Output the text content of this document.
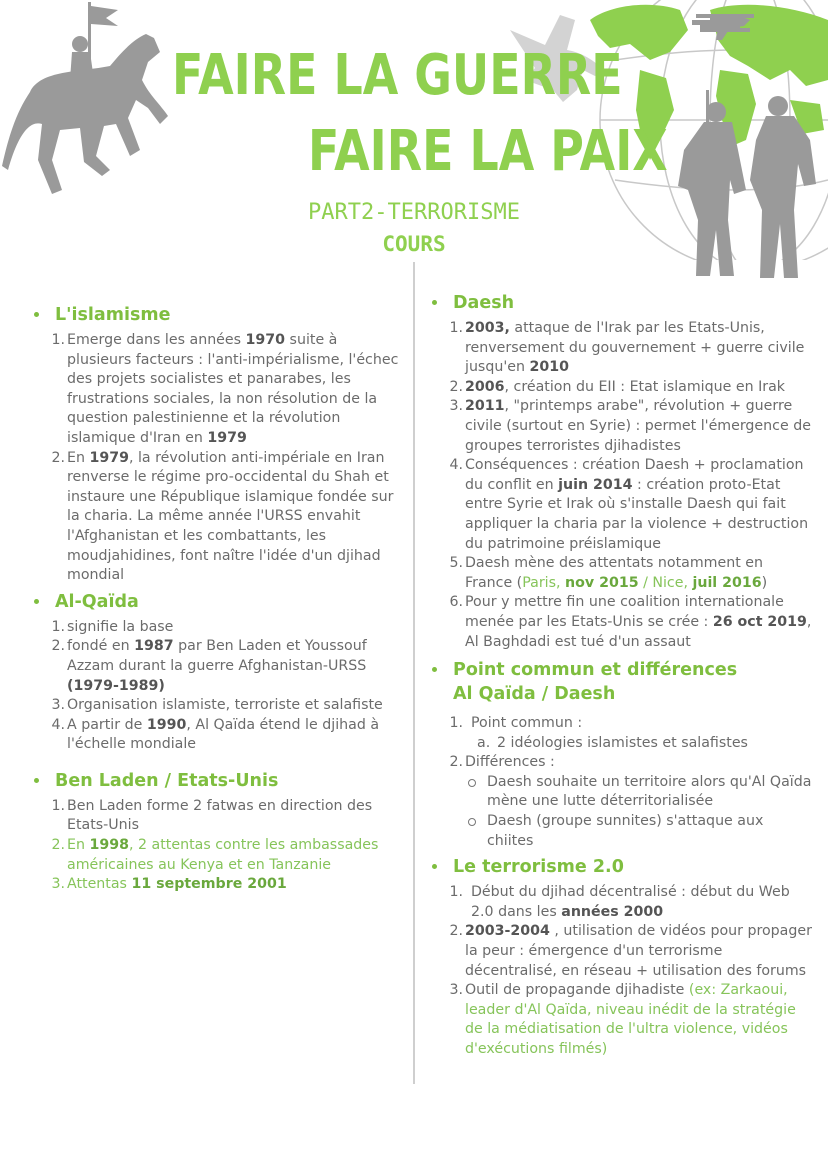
FAIRE LA GUERRE
FAIRE LA PAIX
PART2-TERRORISME
COURS
L'islamisme
1. Emerge dans les années 1970 suite à plusieurs facteurs : l'anti-impérialisme, l'échec des projets socialistes et panarabes, les frustrations sociales, la non résolution de la question palestinienne et la révolution islamique d'Iran en 1979
2. En 1979, la révolution anti-impériale en Iran renverse le régime pro-occidental du Shah et instaure une République islamique fondée sur la charia. La même année l'URSS envahit l'Afghanistan et les combattants, les moudjahidines, font naître l'idée d'un djihad mondial
Al-Qaïda
1. signifie la base
2. fondé en 1987 par Ben Laden et Youssouf Azzam durant la guerre Afghanistan-URSS (1979-1989)
3. Organisation islamiste, terroriste et salafiste
4. A partir de 1990, Al Qaïda étend le djihad à l'échelle mondiale
Ben Laden / Etats-Unis
1. Ben Laden forme 2 fatwas en direction des Etats-Unis
2. En 1998, 2 attentas contre les ambassades américaines au Kenya et en Tanzanie
3. Attentas 11 septembre 2001
Daesh
1. 2003, attaque de l'Irak par les Etats-Unis, renversement du gouvernement + guerre civile jusqu'en 2010
2. 2006, création du EII : Etat islamique en Irak
3. 2011, "printemps arabe", révolution + guerre civile (surtout en Syrie) : permet l'émergence de groupes terroristes djihadistes
4. Conséquences : création Daesh + proclamation du conflit en juin 2014 : création proto-Etat entre Syrie et Irak où s'installe Daesh qui fait appliquer la charia par la violence + destruction du patrimoine préislamique
5. Daesh mène des attentats notamment en France (Paris, nov 2015 / Nice, juil 2016)
6. Pour y mettre fin une coalition internationale menée par les Etats-Unis se crée : 26 oct 2019, Al Baghdadi est tué d'un assaut
Point commun et différences
Al Qaïda / Daesh
1. Point commun :
a. 2 idéologies islamistes et salafistes
2. Différences :
Daesh souhaite un territoire alors qu'Al Qaïda mène une lutte déterritorialisée
Daesh (groupe sunnites) s'attaque aux chiites
Le terrorisme 2.0
1. Début du djihad décentralisé : début du Web 2.0 dans les années 2000
2. 2003-2004 , utilisation de vidéos pour propager la peur : émergence d'un terrorisme décentralisé, en réseau + utilisation des forums
3. Outil de propagande djihadiste (ex: Zarkaoui, leader d'Al Qaïda, niveau inédit de la stratégie de la médiatisation de l'ultra violence, vidéos d'exécutions filmés)
